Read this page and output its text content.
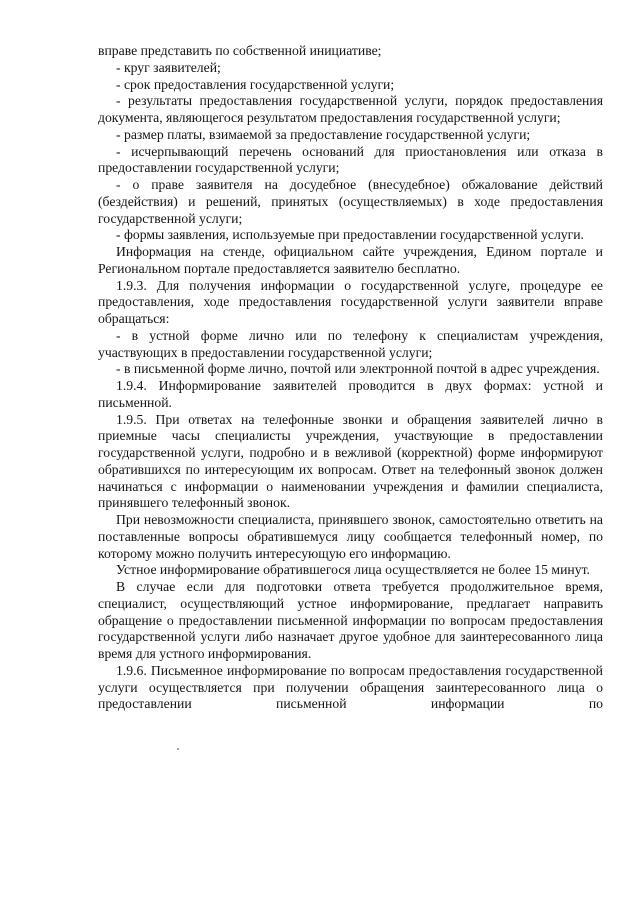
вправе представить по собственной инициативе;

- круг заявителей;

- срок предоставления государственной услуги;

- результаты предоставления государственной услуги, порядок предоставления документа, являющегося результатом предоставления государственной услуги;

- размер платы, взимаемой за предоставление государственной услуги;

- исчерпывающий перечень оснований для приостановления или отказа в предоставлении государственной услуги;

- о праве заявителя на досудебное (внесудебное) обжалование действий (бездействия) и решений, принятых (осуществляемых) в ходе предоставления государственной услуги;

- формы заявления, используемые при предоставлении государственной услуги.

Информация на стенде, официальном сайте учреждения, Едином портале и Региональном портале предоставляется заявителю бесплатно.

1.9.3. Для получения информации о государственной услуге, процедуре ее предоставления, ходе предоставления государственной услуги заявители вправе обращаться:

- в устной форме лично или по телефону к специалистам учреждения, участвующих в предоставлении государственной услуги;

- в письменной форме лично, почтой или электронной почтой в адрес учреждения.

1.9.4. Информирование заявителей проводится в двух формах: устной и письменной.

1.9.5. При ответах на телефонные звонки и обращения заявителей лично в приемные часы специалисты учреждения, участвующие в предоставлении государственной услуги, подробно и в вежливой (корректной) форме информируют обратившихся по интересующим их вопросам. Ответ на телефонный звонок должен начинаться с информации о наименовании учреждения и фамилии специалиста, принявшего телефонный звонок.

При невозможности специалиста, принявшего звонок, самостоятельно ответить на поставленные вопросы обратившемуся лицу сообщается телефонный номер, по которому можно получить интересующую его информацию.

Устное информирование обратившегося лица осуществляется не более 15 минут.

В случае если для подготовки ответа требуется продолжительное время, специалист, осуществляющий устное информирование, предлагает направить обращение о предоставлении письменной информации по вопросам предоставления государственной услуги либо назначает другое удобное для заинтересованного лица время для устного информирования.

1.9.6. Письменное информирование по вопросам предоставления государственной услуги осуществляется при получении обращения заинтересованного лица о предоставлении письменной информации по
